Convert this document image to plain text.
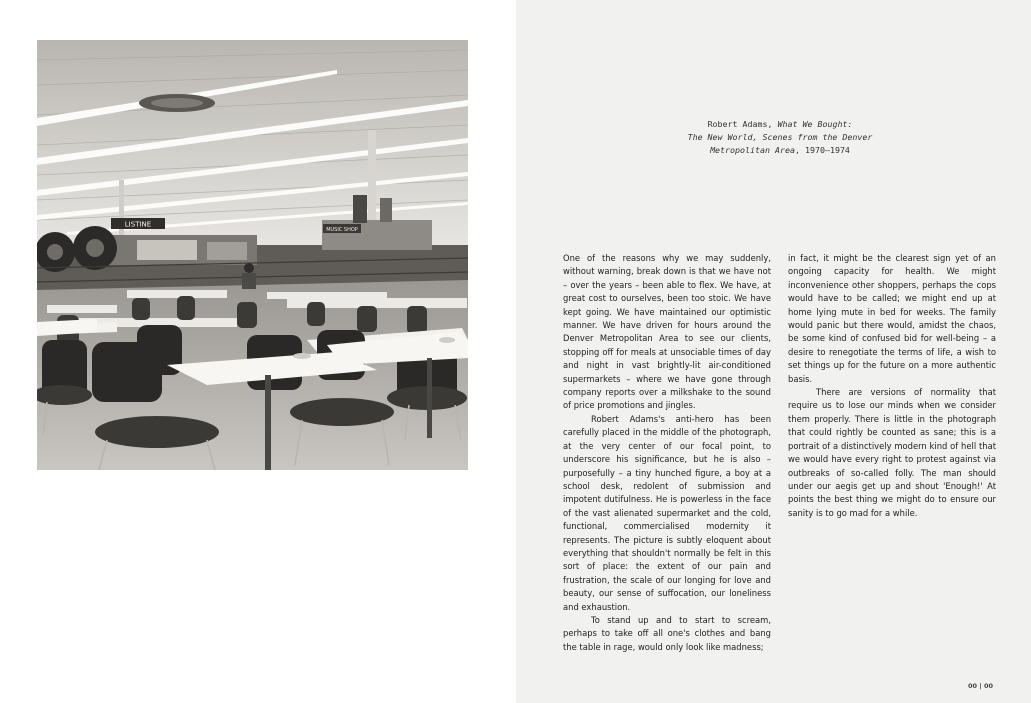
LISTINE
MUSIC SHOP
Robert Adams, What We Bought:
The New World, Scenes from the Denver
Metropolitan Area, 1970–1974

One of the reasons why we may suddenly, without warning, break down is that we have not – over the years – been able to flex. We have, at great cost to ourselves, been too stoic. We have kept going. We have maintained our optimistic manner. We have driven for hours around the Denver Metropolitan Area to see our clients, stopping off for meals at unsociable times of day and night in vast brightly-lit air-conditioned supermarkets – where we have gone through company reports over a milkshake to the sound of price promotions and jingles.

Robert Adams's anti-hero has been carefully placed in the middle of the photograph, at the very center of our focal point, to underscore his significance, but he is also – purposefully – a tiny hunched figure, a boy at a school desk, redolent of submission and impotent dutifulness. He is powerless in the face of the vast alienated supermarket and the cold, functional, commercialised modernity it represents. The picture is subtly eloquent about everything that shouldn't normally be felt in this sort of place: the extent of our pain and frustration, the scale of our longing for love and beauty, our sense of suffocation, our loneliness and exhaustion.

To stand up and to start to scream, perhaps to take off all one's clothes and bang the table in rage, would only look like madness;

in fact, it might be the clearest sign yet of an ongoing capacity for health. We might inconvenience other shoppers, perhaps the cops would have to be called; we might end up at home lying mute in bed for weeks. The family would panic but there would, amidst the chaos, be some kind of confused bid for well-being – a desire to renegotiate the terms of life, a wish to set things up for the future on a more authentic basis.

There are versions of normality that require us to lose our minds when we consider them properly. There is little in the photograph that could rightly be counted as sane; this is a portrait of a distinctively modern kind of hell that we would have every right to protest against via outbreaks of so-called folly. The man should under our aegis get up and shout 'Enough!' At points the best thing we might do to ensure our sanity is to go mad for a while.

00 | 00
